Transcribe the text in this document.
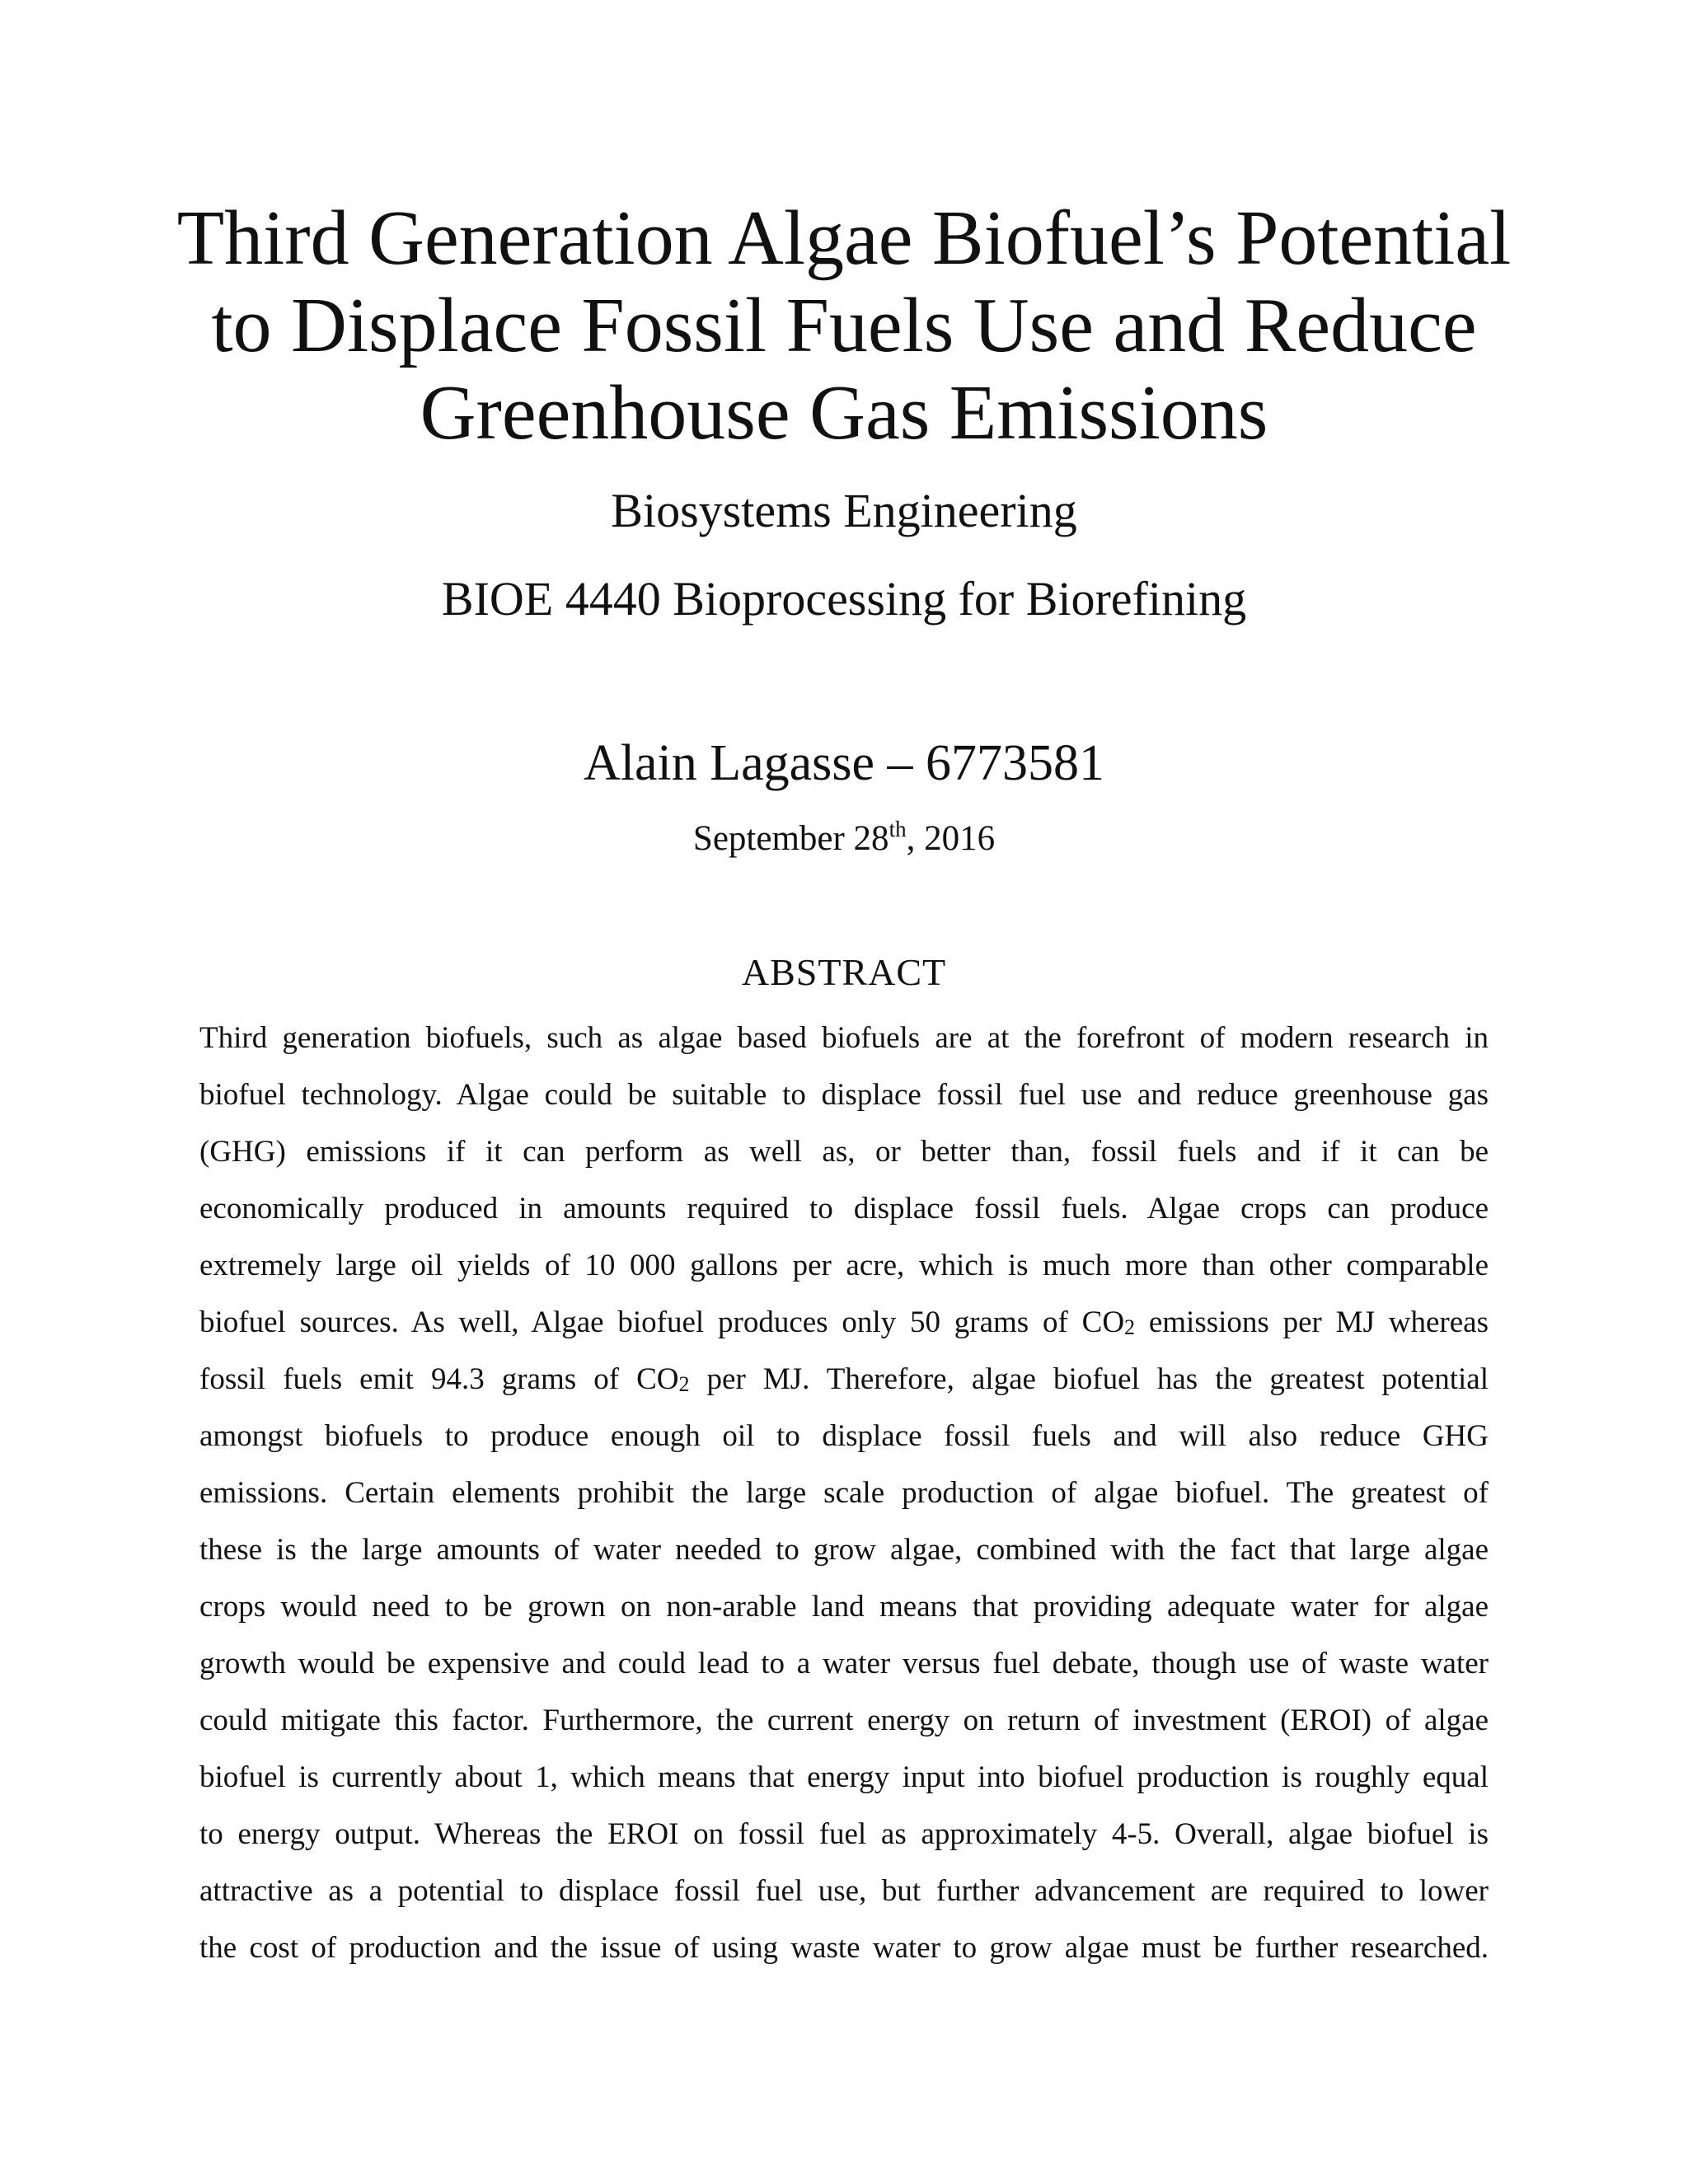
Third Generation Algae Biofuel’s Potential
to Displace Fossil Fuels Use and Reduce
Greenhouse Gas Emissions
Biosystems Engineering
BIOE 4440 Bioprocessing for Biorefining
Alain Lagasse – 6773581
September 28th, 2016
ABSTRACT
Third generation biofuels, such as algae based biofuels are at the forefront of modern research in
biofuel technology. Algae could be suitable to displace fossil fuel use and reduce greenhouse gas
(GHG) emissions if it can perform as well as, or better than, fossil fuels and if it can be
economically produced in amounts required to displace fossil fuels. Algae crops can produce
extremely large oil yields of 10 000 gallons per acre, which is much more than other comparable
biofuel sources. As well, Algae biofuel produces only 50 grams of $CO_2$ emissions per MJ whereas
fossil fuels emit 94.3 grams of $CO_2$ per MJ. Therefore, algae biofuel has the greatest potential
amongst biofuels to produce enough oil to displace fossil fuels and will also reduce GHG
emissions. Certain elements prohibit the large scale production of algae biofuel. The greatest of
these is the large amounts of water needed to grow algae, combined with the fact that large algae
crops would need to be grown on non-arable land means that providing adequate water for algae
growth would be expensive and could lead to a water versus fuel debate, though use of waste water
could mitigate this factor. Furthermore, the current energy on return of investment (EROI) of algae
biofuel is currently about 1, which means that energy input into biofuel production is roughly equal
to energy output. Whereas the EROI on fossil fuel as approximately 4-5. Overall, algae biofuel is
attractive as a potential to displace fossil fuel use, but further advancement are required to lower
the cost of production and the issue of using waste water to grow algae must be further researched.
